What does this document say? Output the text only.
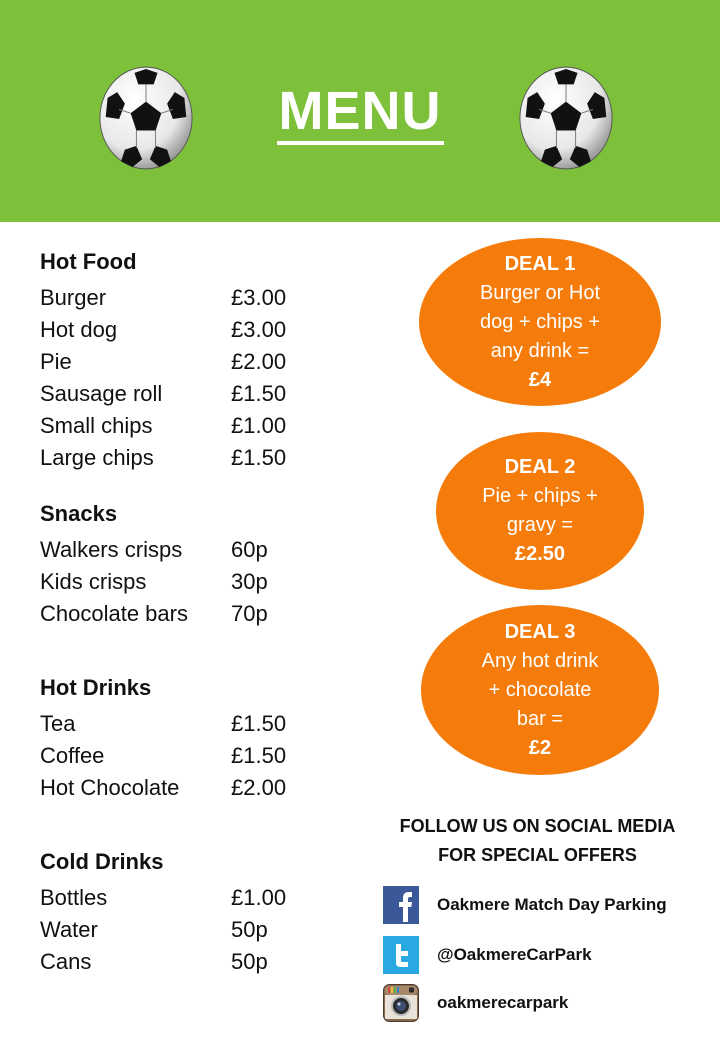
MENU
Hot Food
Burger	£3.00
Hot dog	£3.00
Pie	£2.00
Sausage roll	£1.50
Small chips	£1.00
Large chips	£1.50
Snacks
Walkers crisps	60p
Kids crisps	30p
Chocolate bars	70p
Hot Drinks
Tea	£1.50
Coffee	£1.50
Hot Chocolate	£2.00
Cold Drinks
Bottles	£1.00
Water	50p
Cans	50p
DEAL 1
Burger or Hot
dog + chips +
any drink =
£4
DEAL 2
Pie + chips +
gravy =
£2.50
DEAL 3
Any hot drink
+ chocolate
bar =
£2
FOLLOW US ON SOCIAL MEDIA
FOR SPECIAL OFFERS
Oakmere Match Day Parking
@OakmereCarPark
oakmerecarpark
